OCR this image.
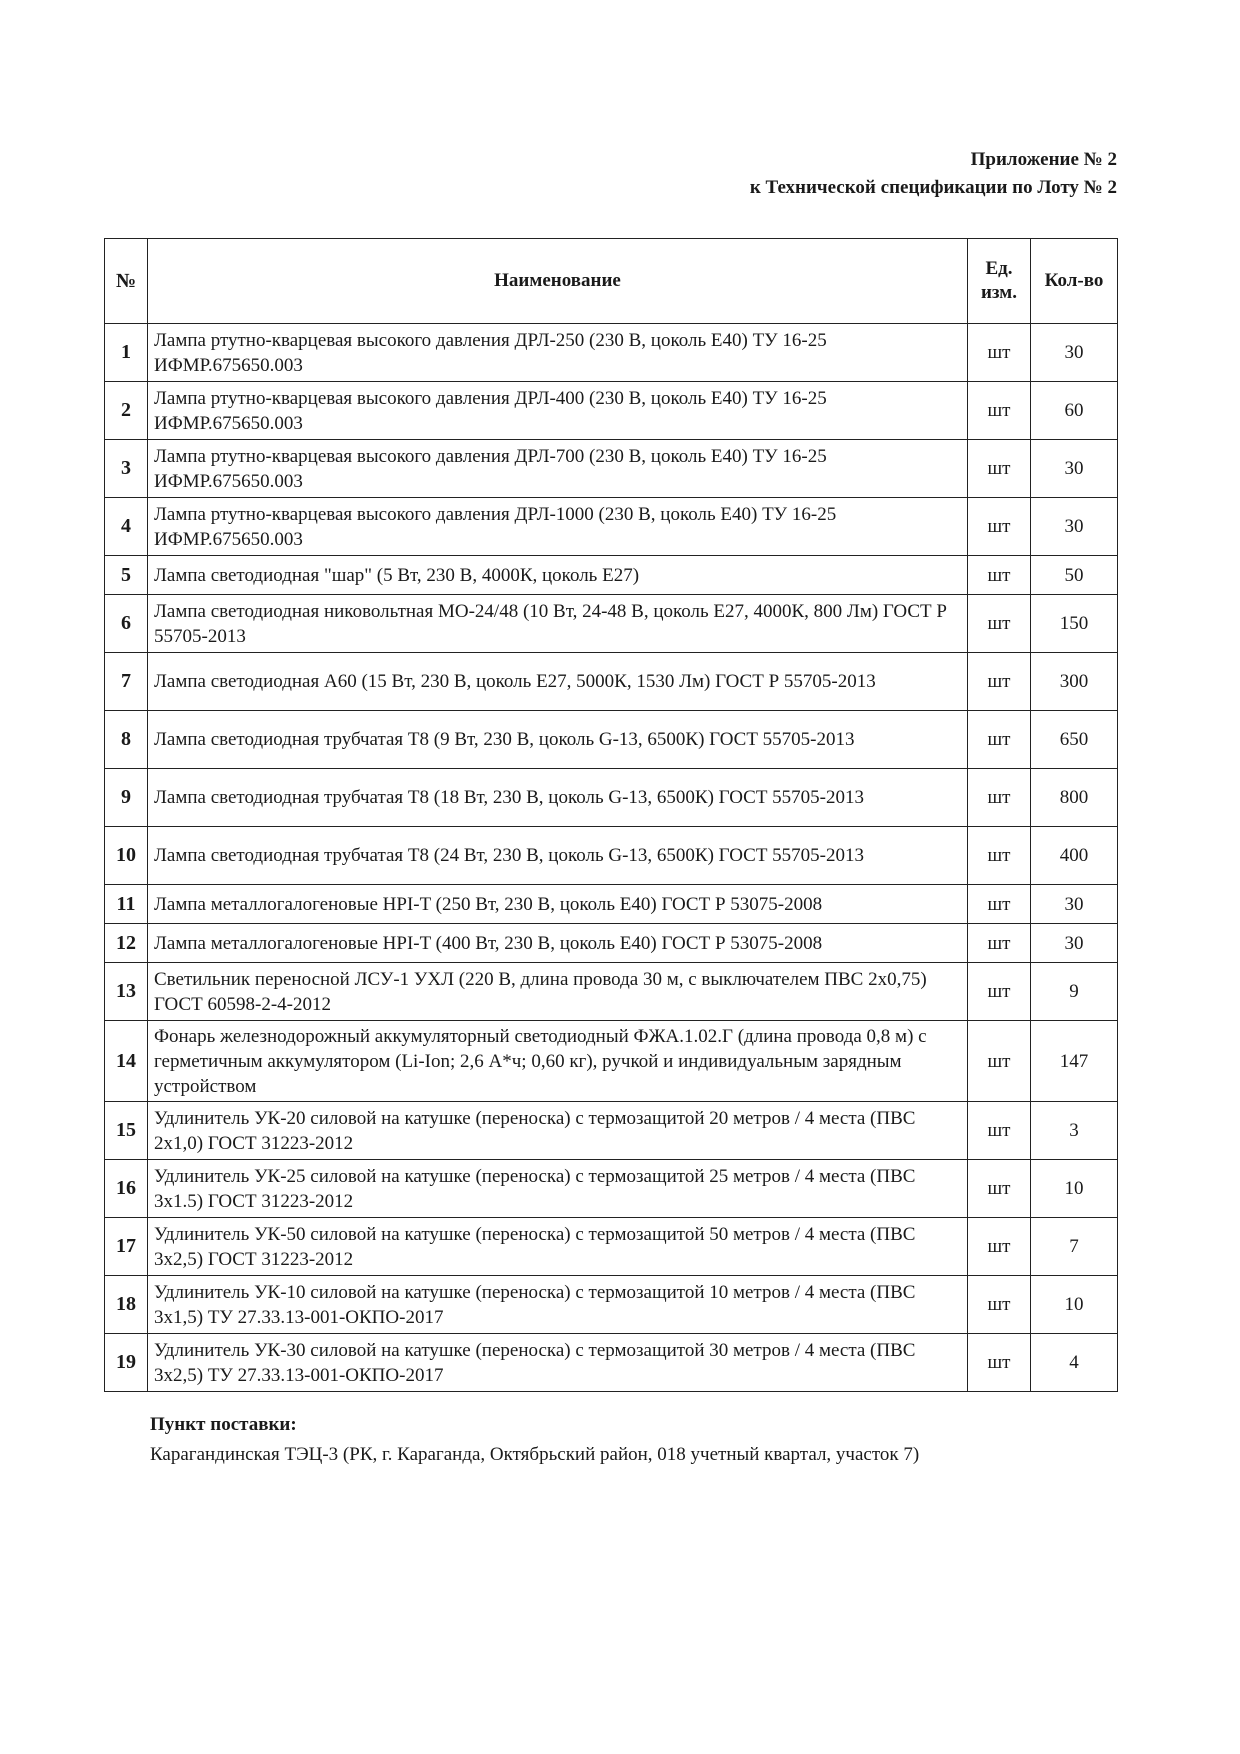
Приложение № 2
к Технической спецификации по Лоту № 2
№	Наименование	Ед. изм.	Кол-во
1	Лампа ртутно-кварцевая высокого давления ДРЛ-250 (230 В, цоколь Е40) ТУ 16-25 ИФМР.675650.003	шт	30
2	Лампа ртутно-кварцевая высокого давления ДРЛ-400 (230 В, цоколь Е40) ТУ 16-25 ИФМР.675650.003	шт	60
3	Лампа ртутно-кварцевая высокого давления ДРЛ-700 (230 В, цоколь Е40) ТУ 16-25 ИФМР.675650.003	шт	30
4	Лампа ртутно-кварцевая высокого давления ДРЛ-1000 (230 В, цоколь Е40) ТУ 16-25 ИФМР.675650.003	шт	30
5	Лампа светодиодная "шар" (5 Вт, 230 В, 4000К, цоколь Е27)	шт	50
6	Лампа светодиодная никовольтная МО-24/48 (10 Вт, 24-48 В, цоколь Е27, 4000К, 800 Лм) ГОСТ Р 55705-2013	шт	150
7	Лампа светодиодная А60 (15 Вт, 230 В, цоколь Е27, 5000К, 1530 Лм) ГОСТ Р 55705-2013	шт	300
8	Лампа светодиодная трубчатая Т8 (9 Вт, 230 В, цоколь G-13, 6500К) ГОСТ 55705-2013	шт	650
9	Лампа светодиодная трубчатая Т8 (18 Вт, 230 В, цоколь G-13, 6500К) ГОСТ 55705-2013	шт	800
10	Лампа светодиодная трубчатая Т8 (24 Вт, 230 В, цоколь G-13, 6500К) ГОСТ 55705-2013	шт	400
11	Лампа металлогалогеновые HPI-T (250 Вт, 230 В, цоколь Е40) ГОСТ Р 53075-2008	шт	30
12	Лампа металлогалогеновые HPI-T (400 Вт, 230 В, цоколь Е40) ГОСТ Р 53075-2008	шт	30
13	Светильник переносной ЛСУ-1 УХЛ (220 В, длина провода 30 м, с выключателем ПВС 2х0,75) ГОСТ 60598-2-4-2012	шт	9
14	Фонарь железнодорожный аккумуляторный светодиодный ФЖА.1.02.Г (длина провода 0,8 м) с герметичным аккумулятором (Li-Ion; 2,6 А*ч; 0,60 кг), ручкой и индивидуальным зарядным устройством	шт	147
15	Удлинитель УК-20 силовой на катушке (переноска) с термозащитой 20 метров / 4 места (ПВС 2х1,0) ГОСТ 31223-2012	шт	3
16	Удлинитель УК-25 силовой на катушке (переноска) с термозащитой 25 метров / 4 места (ПВС 3х1.5) ГОСТ 31223-2012	шт	10
17	Удлинитель УК-50 силовой на катушке (переноска) с термозащитой 50 метров / 4 места (ПВС 3х2,5) ГОСТ 31223-2012	шт	7
18	Удлинитель УК-10 силовой на катушке (переноска) с термозащитой 10 метров / 4 места (ПВС 3х1,5) ТУ 27.33.13-001-ОКПО-2017	шт	10
19	Удлинитель УК-30 силовой на катушке (переноска) с термозащитой 30 метров / 4 места (ПВС 3х2,5) ТУ 27.33.13-001-ОКПО-2017	шт	4
Пункт поставки:
Карагандинская ТЭЦ-3 (РК, г. Караганда, Октябрьский район, 018 учетный квартал, участок 7)
